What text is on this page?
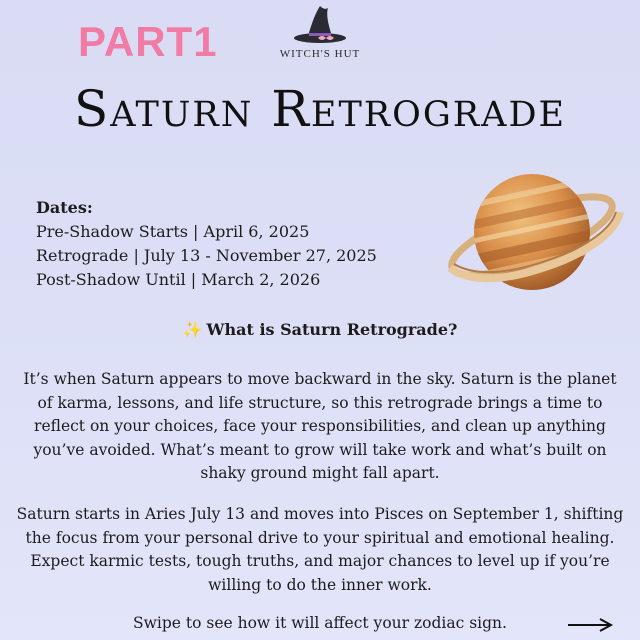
PART1	WITCH'S HUT
Saturn Retrograde
Dates:
Pre-Shadow Starts | April 6, 2025
Retrograde | July 13 - November 27, 2025
Post-Shadow Until | March 2, 2026
✨ What is Saturn Retrograde?
It’s when Saturn appears to move backward in the sky. Saturn is the planet of karma, lessons, and life structure, so this retrograde brings a time to reflect on your choices, face your responsibilities, and clean up anything you’ve avoided. What’s meant to grow will take work and what’s built on shaky ground might fall apart.
Saturn starts in Aries July 13 and moves into Pisces on September 1, shifting the focus from your personal drive to your spiritual and emotional healing. Expect karmic tests, tough truths, and major chances to level up if you’re willing to do the inner work.
Swipe to see how it will affect your zodiac sign.
